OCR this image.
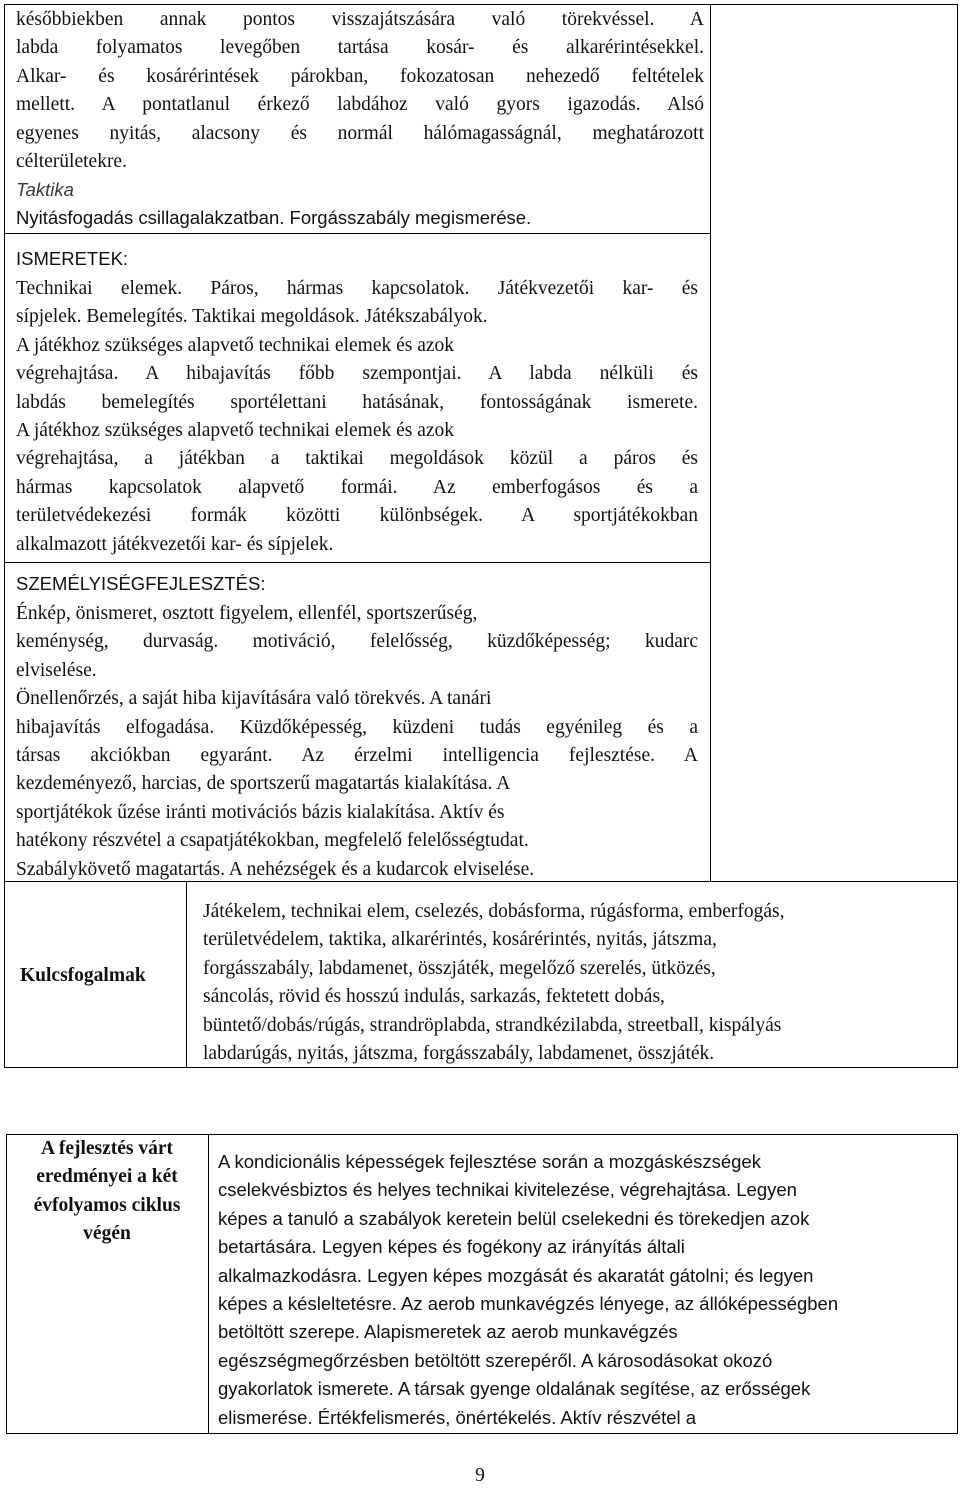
későbbiekben annak pontos visszajátszására való törekvéssel. A
labda folyamatos levegőben tartása kosár- és alkarérintésekkel.
Alkar- és kosárérintések párokban, fokozatosan nehezedő feltételek
mellett. A pontatlanul érkező labdához való gyors igazodás. Alsó
egyenes nyitás, alacsony és normál hálómagasságnál, meghatározott
célterületekre.
Taktika
Nyitásfogadás csillagalakzatban. Forgásszabály megismerése.
ISMERETEK:
Technikai elemek. Páros, hármas kapcsolatok. Játékvezetői kar- és
sípjelek. Bemelegítés. Taktikai megoldások. Játékszabályok.
A játékhoz szükséges alapvető technikai elemek és azok
végrehajtása. A hibajavítás főbb szempontjai. A labda nélküli és
labdás bemelegítés sportélettani hatásának, fontosságának ismerete.
A játékhoz szükséges alapvető technikai elemek és azok
végrehajtása, a játékban a taktikai megoldások közül a páros és
hármas kapcsolatok alapvető formái. Az emberfogásos és a
területvédekezési formák közötti különbségek. A sportjátékokban
alkalmazott játékvezetői kar- és sípjelek.
SZEMÉLYISÉGFEJLESZTÉS:
Énkép, önismeret, osztott figyelem, ellenfél, sportszerűség,
keménység, durvaság. motiváció, felelősség, küzdőképesség; kudarc
elviselése.
Önellenőrzés, a saját hiba kijavítására való törekvés. A tanári
hibajavítás elfogadása. Küzdőképesség, küzdeni tudás egyénileg és a
társas akciókban egyaránt. Az érzelmi intelligencia fejlesztése. A
kezdeményező, harcias, de sportszerű magatartás kialakítása. A
sportjátékok űzése iránti motivációs bázis kialakítása. Aktív és
hatékony részvétel a csapatjátékokban, megfelelő felelősségtudat.
Szabálykövető magatartás. A nehézségek és a kudarcok elviselése.
Kulcsfogalmak
Játékelem, technikai elem, cselezés, dobásforma, rúgásforma, emberfogás,
területvédelem, taktika, alkarérintés, kosárérintés, nyitás, játszma,
forgásszabály, labdamenet, összjáték, megelőző szerelés, ütközés,
sáncolás, rövid és hosszú indulás, sarkazás, fektetett dobás,
büntető/dobás/rúgás, strandröplabda, strandkézilabda, streetball, kispályás
labdarúgás, nyitás, játszma, forgásszabály, labdamenet, összjáték.
A fejlesztés várt
eredményei a két
évfolyamos ciklus
végén
A kondicionális képességek fejlesztése során a mozgáskészségek
cselekvésbiztos és helyes technikai kivitelezése, végrehajtása. Legyen
képes a tanuló a szabályok keretein belül cselekedni és törekedjen azok
betartására. Legyen képes és fogékony az irányítás általi
alkalmazkodásra. Legyen képes mozgását és akaratát gátolni; és legyen
képes a késleltetésre. Az aerob munkavégzés lényege, az állóképességben
betöltött szerepe. Alapismeretek az aerob munkavégzés
egészségmegőrzésben betöltött szerepéről. A károsodásokat okozó
gyakorlatok ismerete. A társak gyenge oldalának segítése, az erősségek
elismerése. Értékfelismerés, önértékelés. Aktív részvétel a
9
